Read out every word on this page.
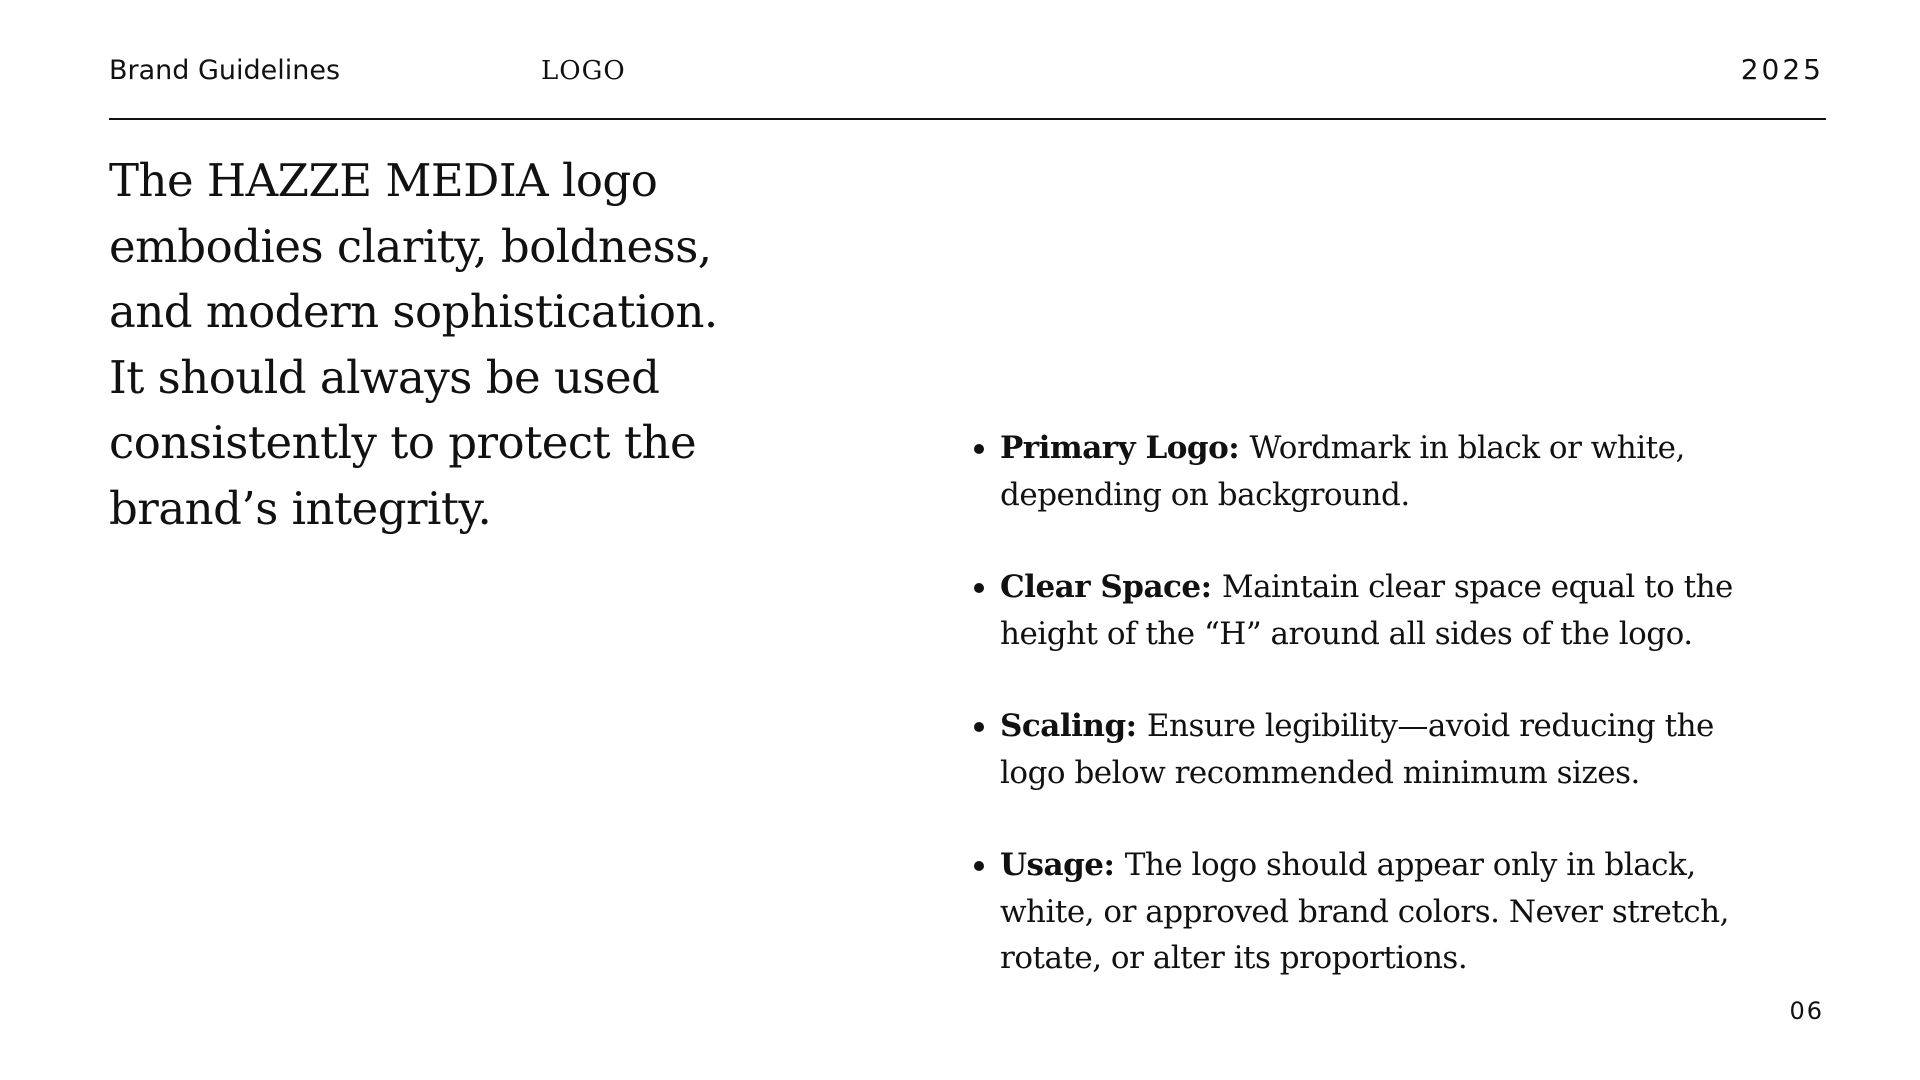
Brand Guidelines	LOGO	2025

The HAZZE MEDIA logo embodies clarity, boldness, and modern sophistication. It should always be used consistently to protect the brand’s integrity.

Primary Logo: Wordmark in black or white, depending on background.
Clear Space: Maintain clear space equal to the height of the “H” around all sides of the logo.
Scaling: Ensure legibility—avoid reducing the logo below recommended minimum sizes.
Usage: The logo should appear only in black, white, or approved brand colors. Never stretch, rotate, or alter its proportions.
06
